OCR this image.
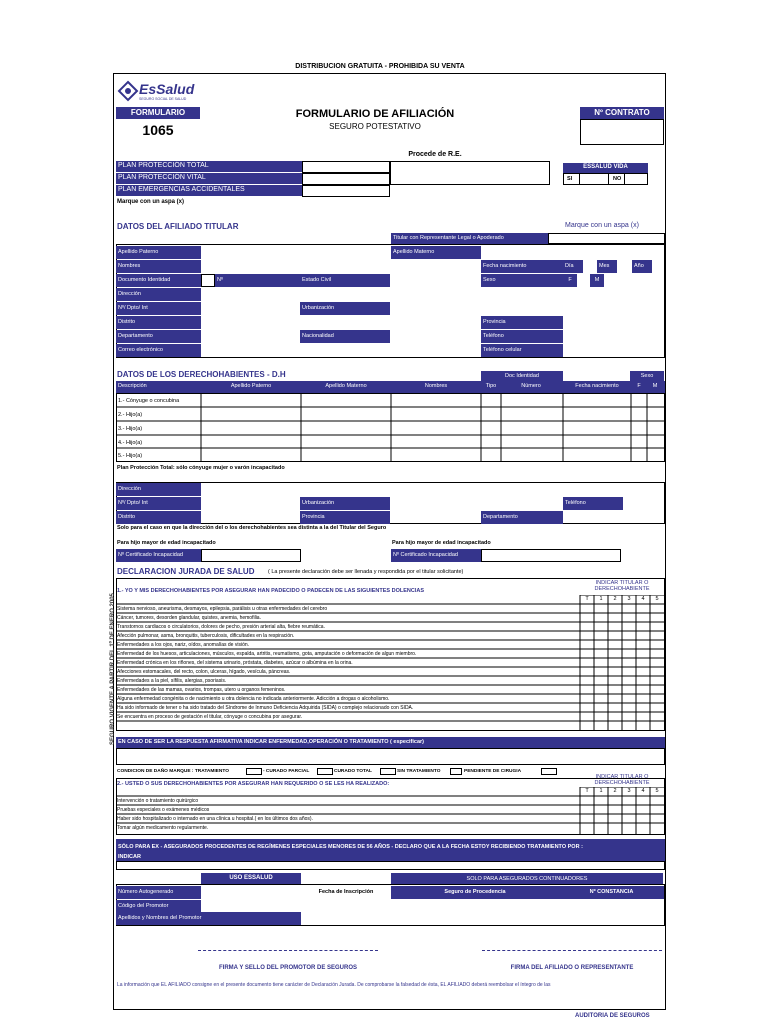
DISTRIBUCION GRATUITA - PROHIBIDA SU VENTA
SEGURO VIGENTE A PARTIR DEL 1º DE ENERO 2005
EsSalud
SEGURO SOCIAL DE SALUD
FORMULARIO
1065
FORMULARIO DE AFILIACIÓN
SEGURO POTESTATIVO
Nº CONTRATO
Procede de R.E.
PLAN PROTECCIÓN TOTAL
PLAN PROTECCIÓN VITAL
PLAN EMERGENCIAS ACCIDENTALES
ESSALUD VIDA
SI	NO
Marque con un aspa (x)
DATOS DEL AFILIADO TITULAR	Marque con un aspa (x)
Titular con Representante Legal o Apoderado
Apellido Paterno	Apellido Materno
Nombres	Fecha nacimiento	Día	Mes	Año
Documento Identidad	Nº	Estado Civil	Sexo	F	M
Dirección
Nº/ Dpto/ Int	Urbanización
Distrito	Provincia
Departamento	Nacionalidad	Teléfono
Correo electrónico	Teléfono celular
DATOS DE LOS DERECHOHABIENTES - D.H	Doc Identidad	Sexo
Descripción	Apellido Paterno	Apellido Materno	Nombres	Tipo	Número	Fecha nacimiento	F	M
1.- Cónyuge o concubina
2.- Hijo(a)
3.- Hijo(a)
4.- Hijo(a)
5.- Hijo(a)
Plan Protección Total: sólo cónyuge mujer o varón incapacitado
Dirección
Nº/ Dpto/ Int	Urbanización	Teléfono
Distrito	Provincia	Departamento
Solo para el caso en que la dirección del o los derechohabientes sea distinta a la del Titular del Seguro
Para hijo mayor de edad incapacitado	Para hijo mayor de edad incapacitado
Nº Certificado Incapacidad	Nº Certificado Incapacidad
DECLARACION JURADA DE SALUD ( La presente declaración debe ser llenada y respondida por el titular solicitante)
1.- YO Y MIS DERECHOHABIENTES POR ASEGURAR HAN PADECIDO O PADECEN DE LAS SIGUIENTES DOLENCIAS
INDICAR TITULAR O DERECHOHABIENTE
T	1	2	3	4	5
Sistema nervioso, aneurisma, desmayos, epilepsia, parálisis u otras enfermedades del cerebro
Cáncer, tumores, desorden glandular, quistes, anemia, hemofilia.
Transtornos cardiacos o circulatorios, dolores de pecho, presión arterial alta, fiebre reumática.
Afección pulmonar, asma, bronquitis, tuberculosis, dificultades en la respiración.
Enfermedades a los ojos, nariz, oídos, anomalías de visión.
Enfermedad de los huesos, articulaciones, músculos, espalda, artritis, reumatismo, gota, amputación o deformación de algun miembro.
Enfermedad crónica en los riñones, del sistema urinario, próstata, diabetes, azúcar o albúmina en la orina.
Afecciones estomacales, del recto, colon, ulceras, hígado, vesícula, páncreas.
Enfermedades a la piel, sífilis, alergias, psoriasis.
Enfermedades de las mamas, ovarios, trompas, utero u organos femeninos.
Alguna enfermedad congénita o de nacimiento u otra dolencia no indicada anteriormente. Adicción a drogas o alcoholismo.
Ha sido informado de tener o ha sido tratado del Síndrome de Inmuno Deficiencia Adquirida (SIDA) o complejo relacionado con SIDA.
Se encuentra en proceso de gestación el titular, cónyuge o concubina por asegurar.
EN CASO DE SER LA RESPUESTA AFIRMATIVA INDICAR ENFERMEDAD,OPERACIÓN O TRATAMIENTO ( especificar)
CONDICION DE DAÑO MARQUE : TRATAMIENTO	- CURADO PARCIAL	CURADO TOTAL	SIN TRATAMIENTO	PENDIENTE DE CIRUGIA
2.- USTED O SUS DERECHOHABIENTES POR ASEGURAR HAN REQUERIDO O SE LES HA REALIZADO:
INDICAR TITULAR O DERECHOHABIENTE
T	1	2	3	4	5
Intervención o tratamiento quirúrgico
Pruebas especiales o exámenes médicos
Haber sido hospitalizado o internado en una clínica u hospital.( en los últimos dos años).
Tomar algún medicamento regularmente.
SÓLO PARA EX - ASEGURADOS PROCEDENTES DE REGÍMENES ESPECIALES MENORES DE 56 AÑOS - DECLARO QUE A LA FECHA ESTOY RECIBIENDO TRATAMIENTO POR :
INDICAR
USO ESSALUD	SOLO PARA ASEGURADOS CONTINUADORES
Número Autogenerado	Fecha de Inscripción	Seguro de Procedencia	Nº CONSTANCIA
Código del Promotor
Apellidos y Nombres del Promotor
FIRMA Y SELLO DEL PROMOTOR DE SEGUROS	FIRMA DEL AFILIADO O REPRESENTANTE
La información que EL AFILIADO consigne en el presente documento tiene carácter de Declaración Jurada. De comprobarse la falsedad de ésta, EL AFILIADO deberá reembolsar el íntegro de las
AUDITORIA DE SEGUROS
